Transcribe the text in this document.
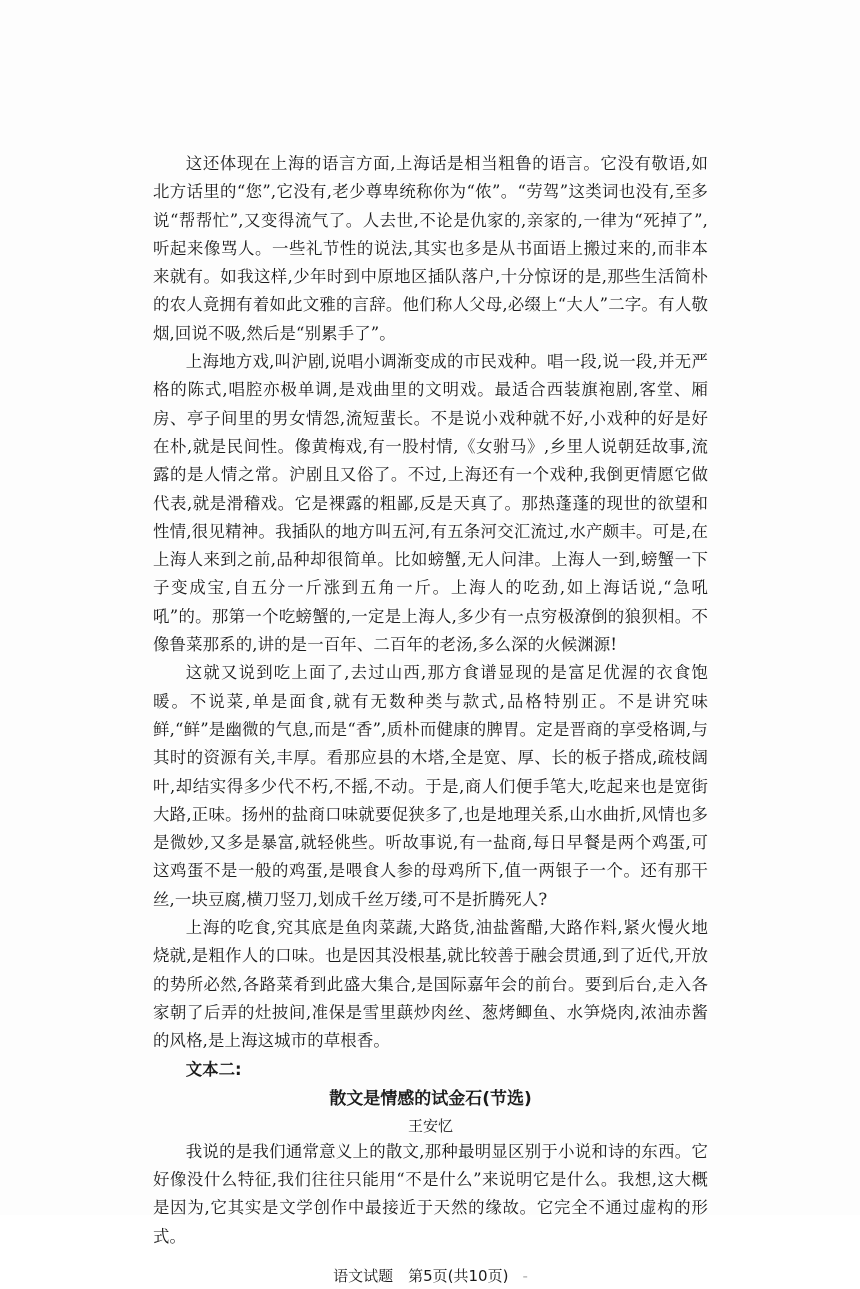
这还体现在上海的语言方面,上海话是相当粗鲁的语言。它没有敬语,如北方话里的“您”,它没有,老少尊卑统称你为“侬”。“劳驾”这类词也没有,至多说“帮帮忙”,又变得流气了。人去世,不论是仇家的,亲家的,一律为“死掉了”,听起来像骂人。一些礼节性的说法,其实也多是从书面语上搬过来的,而非本来就有。如我这样,少年时到中原地区插队落户,十分惊讶的是,那些生活简朴的农人竟拥有着如此文雅的言辞。他们称人父母,必缀上“大人”二字。有人敬烟,回说不吸,然后是“别累手了”。

上海地方戏,叫沪剧,说唱小调渐变成的市民戏种。唱一段,说一段,并无严格的陈式,唱腔亦极单调,是戏曲里的文明戏。最适合西装旗袍剧,客堂、厢房、亭子间里的男女情怨,流短蜚长。不是说小戏种就不好,小戏种的好是好在朴,就是民间性。像黄梅戏,有一股村情,《女驸马》,乡里人说朝廷故事,流露的是人情之常。沪剧且又俗了。不过,上海还有一个戏种,我倒更情愿它做代表,就是滑稽戏。它是裸露的粗鄙,反是天真了。那热蓬蓬的现世的欲望和性情,很见精神。我插队的地方叫五河,有五条河交汇流过,水产颇丰。可是,在上海人来到之前,品种却很简单。比如螃蟹,无人问津。上海人一到,螃蟹一下子变成宝,自五分一斤涨到五角一斤。上海人的吃劲,如上海话说,“急吼吼”的。那第一个吃螃蟹的,一定是上海人,多少有一点穷极潦倒的狼狈相。不像鲁菜那系的,讲的是一百年、二百年的老汤,多么深的火候渊源!

这就又说到吃上面了,去过山西,那方食谱显现的是富足优渥的衣食饱暖。不说菜,单是面食,就有无数种类与款式,品格特别正。不是讲究味鲜,“鲜”是幽微的气息,而是“香”,质朴而健康的脾胃。定是晋商的享受格调,与其时的资源有关,丰厚。看那应县的木塔,全是宽、厚、长的板子搭成,疏枝阔叶,却结实得多少代不朽,不摇,不动。于是,商人们便手笔大,吃起来也是宽街大路,正味。扬州的盐商口味就要促狭多了,也是地理关系,山水曲折,风情也多是微妙,又多是暴富,就轻佻些。听故事说,有一盐商,每日早餐是两个鸡蛋,可这鸡蛋不是一般的鸡蛋,是喂食人参的母鸡所下,值一两银子一个。还有那干丝,一块豆腐,横刀竖刀,划成千丝万缕,可不是折腾死人?

上海的吃食,究其底是鱼肉菜蔬,大路货,油盐酱醋,大路作料,紧火慢火地烧就,是粗作人的口味。也是因其没根基,就比较善于融会贯通,到了近代,开放的势所必然,各路菜肴到此盛大集合,是国际嘉年会的前台。要到后台,走入各家朝了后弄的灶披间,准保是雪里蕻炒肉丝、葱烤鲫鱼、水笋烧肉,浓油赤酱的风格,是上海这城市的草根香。

文本二:

散文是情感的试金石(节选)

王安忆

我说的是我们通常意义上的散文,那种最明显区别于小说和诗的东西。它好像没什么特征,我们往往只能用“不是什么”来说明它是什么。我想,这大概是因为,它其实是文学创作中最接近于天然的缘故。它完全不通过虚构的形式。

语文试题　第5页(共10页) -
